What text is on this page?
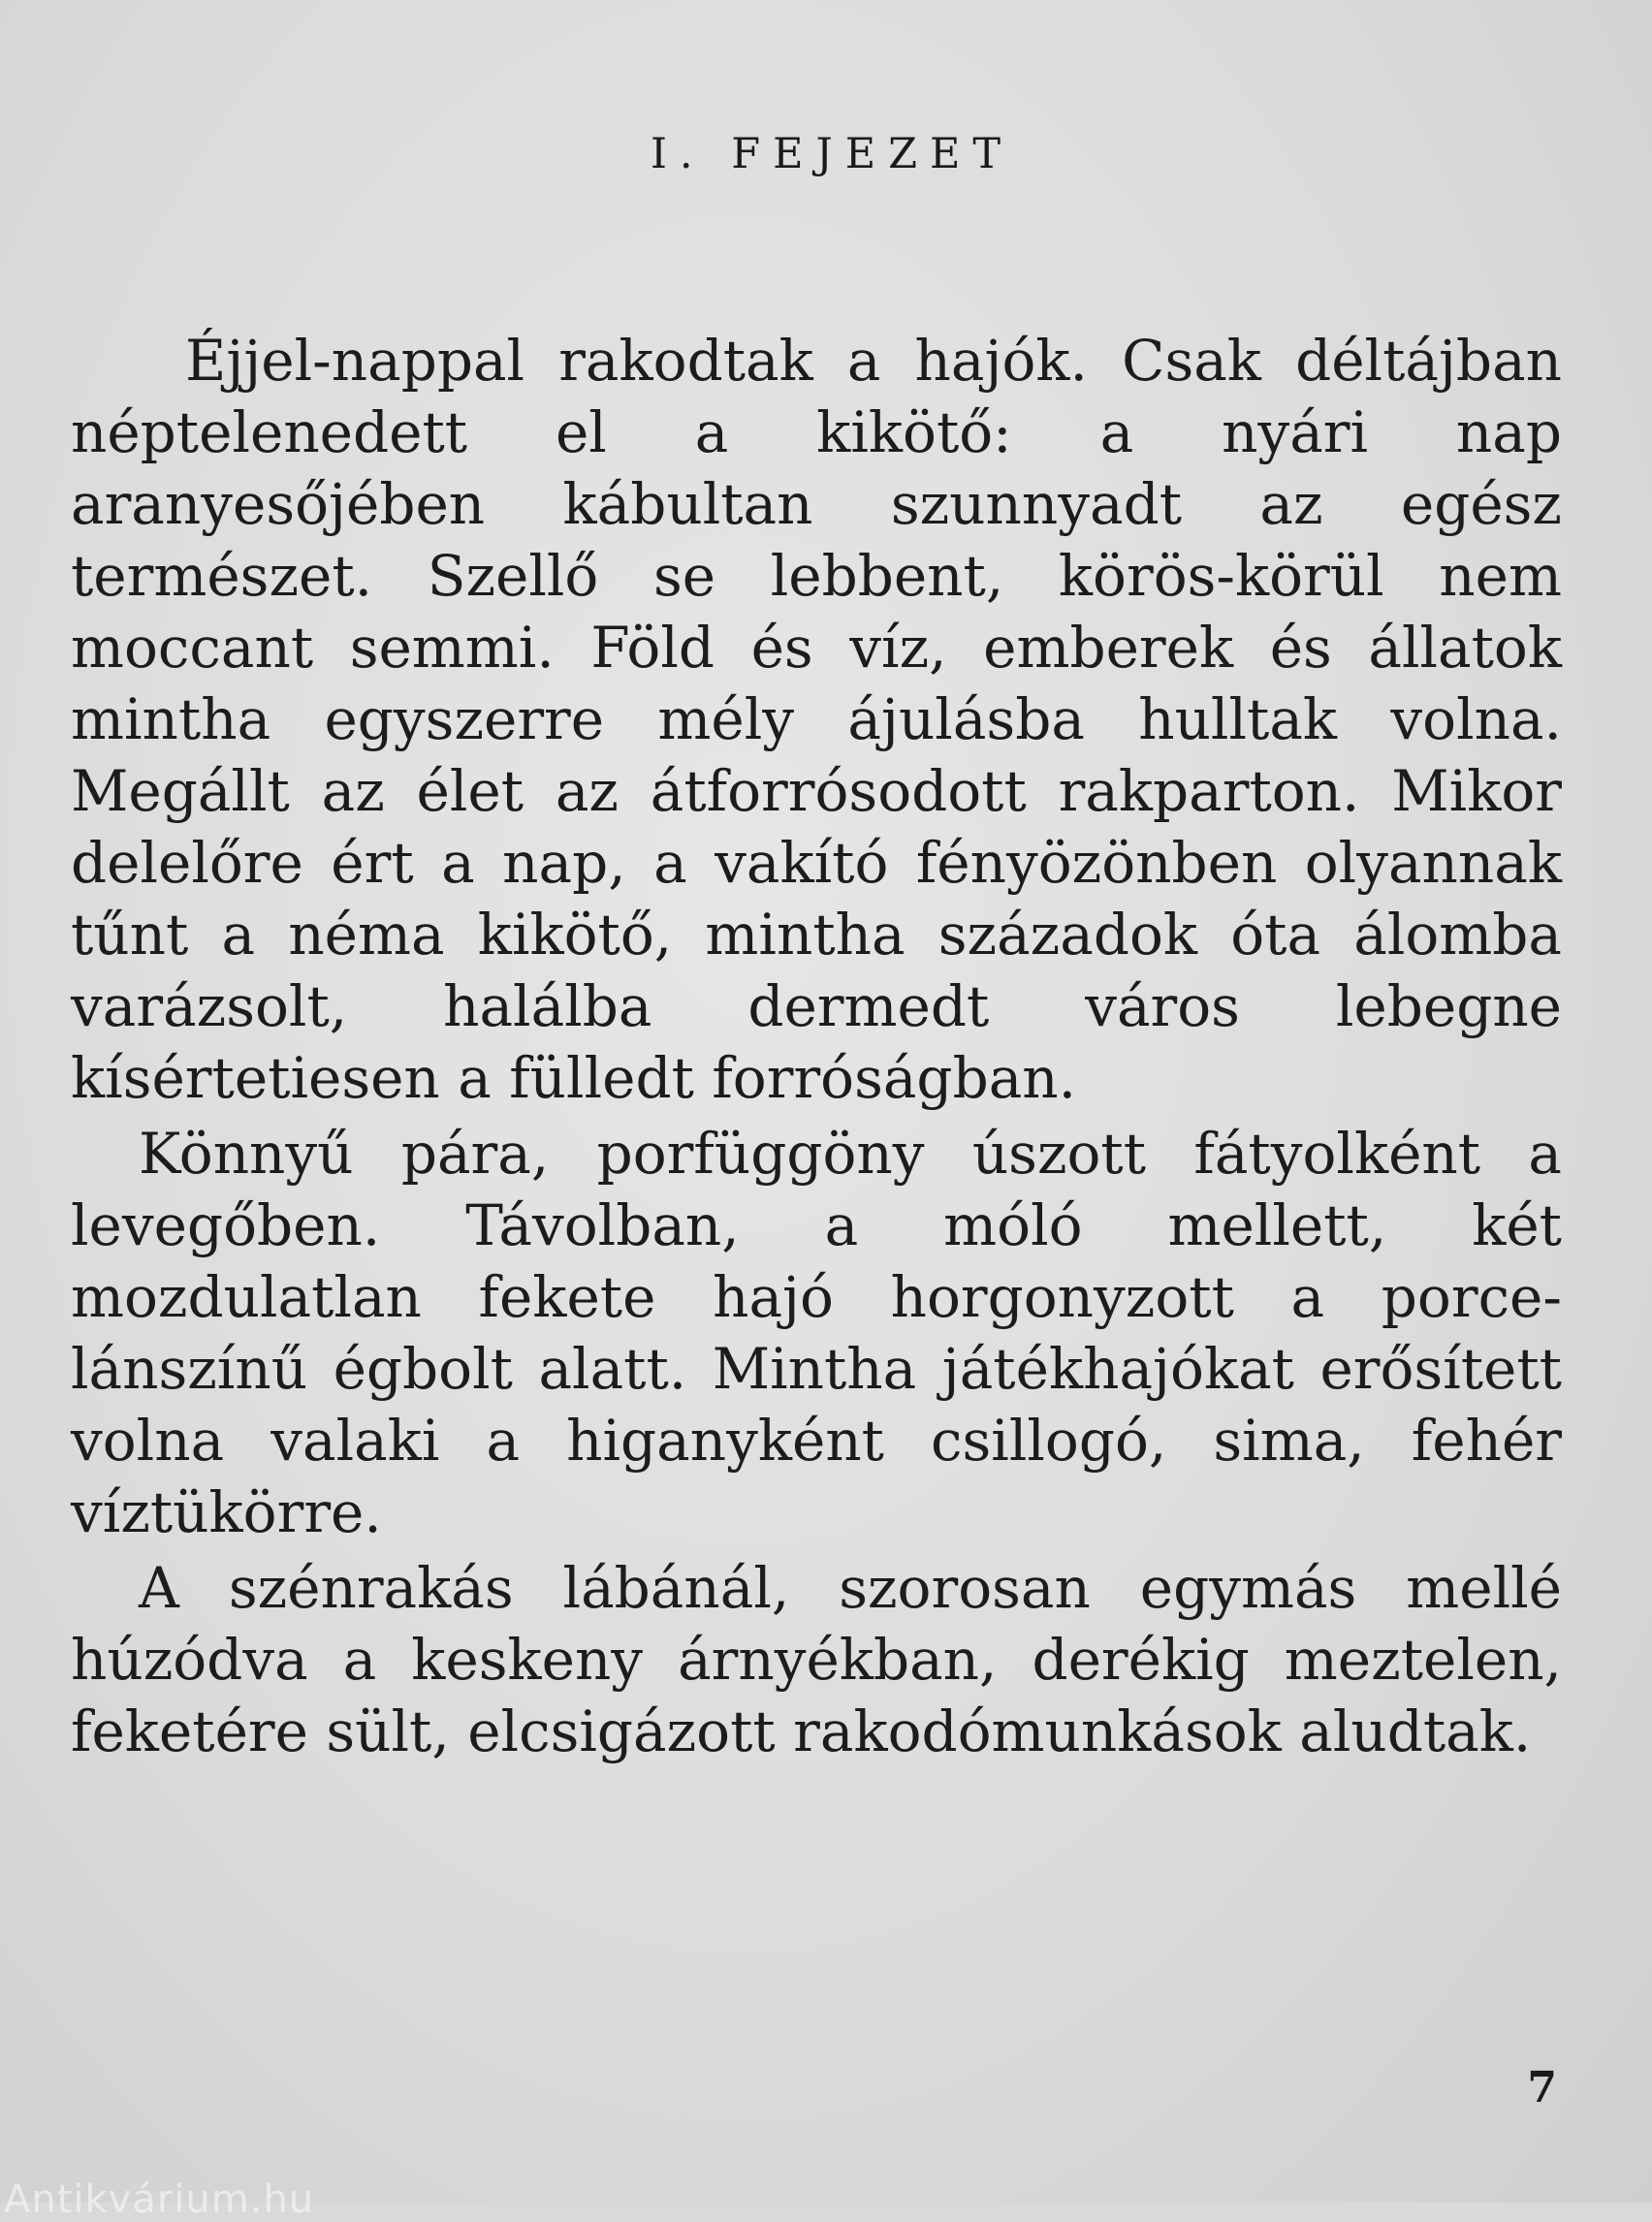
I. FEJEZET

Éjjel-nappal rakodtak a hajók. Csak déltájban néptelenedett el a kikötő: a nyári nap aranyesőjében kábultan szunnyadt az egész természet. Szellő se lebbent, körös-körül nem moccant semmi. Föld és víz, emberek és állatok mintha egyszerre mély ájulásba hulltak volna. Megállt az élet az átforrósodott rakparton. Mikor delelőre ért a nap, a vakító fényözönben olyannak tűnt a néma kikötő, mintha századok óta álomba varázsolt, halálba dermedt város lebegne kísértetiesen a fülledt forróságban.

Könnyű pára, porfüggöny úszott fátyolként a levegőben. Távolban, a móló mellett, két mozdulatlan fekete hajó horgonyzott a porcelánszínű égbolt alatt. Mintha játékhajókat erősített volna valaki a higanyként csillogó, sima, fehér víztükörre.

A szénrakás lábánál, szorosan egymás mellé húzódva a keskeny árnyékban, derékig meztelen, feketére sült, elcsigázott rakodómunkások aludtak.

7
Antikvárium.hu
